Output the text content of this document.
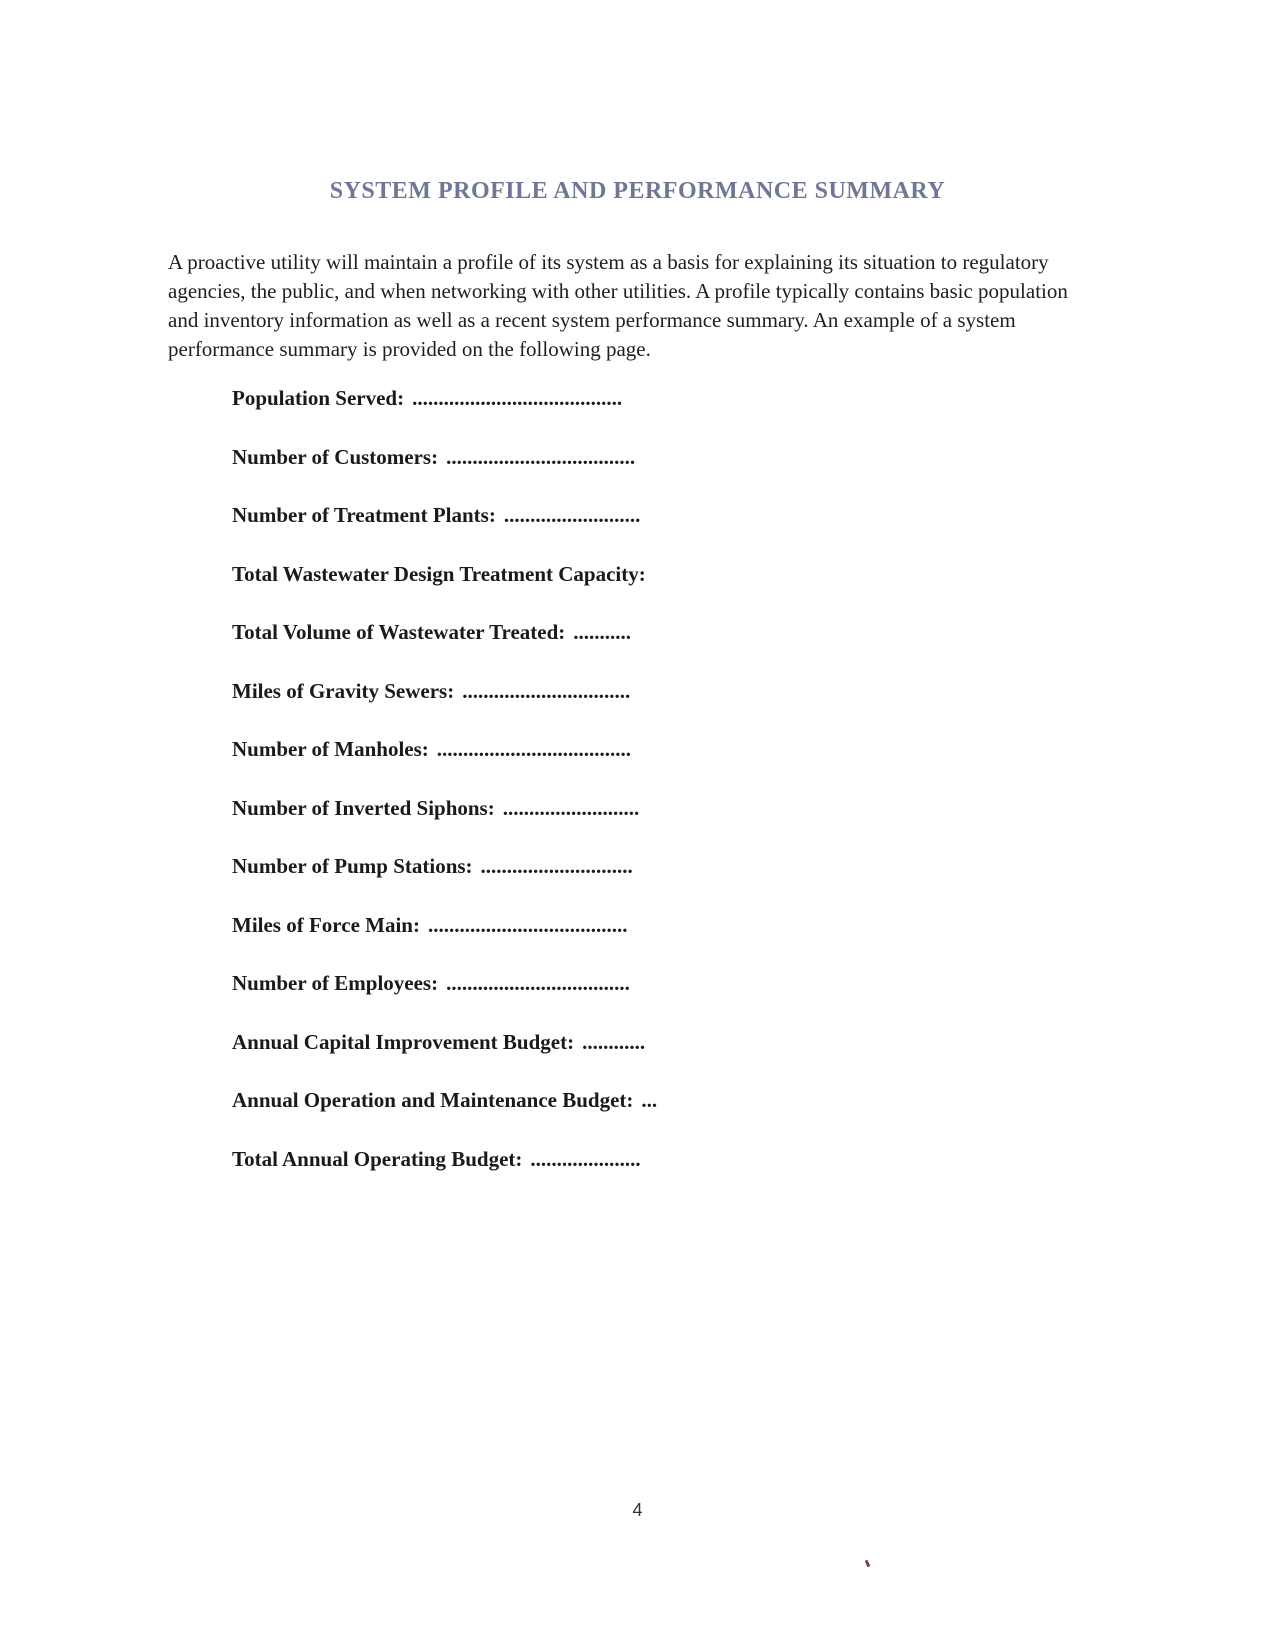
SYSTEM PROFILE AND PERFORMANCE SUMMARY

A proactive utility will maintain a profile of its system as a basis for explaining its situation to regulatory agencies, the public, and when networking with other utilities. A profile typically contains basic population and inventory information as well as a recent system performance summary. An example of a system performance summary is provided on the following page.

Population Served: ........................................
Number of Customers: ....................................
Number of Treatment Plants: ..........................
Total Wastewater Design Treatment Capacity:
Total Volume of Wastewater Treated: ...........
Miles of Gravity Sewers: ................................
Number of Manholes: .....................................
Number of Inverted Siphons: ..........................
Number of Pump Stations: .............................
Miles of Force Main: ......................................
Number of Employees: ...................................
Annual Capital Improvement Budget: ............
Annual Operation and Maintenance Budget: ...
Total Annual Operating Budget: .....................
4
